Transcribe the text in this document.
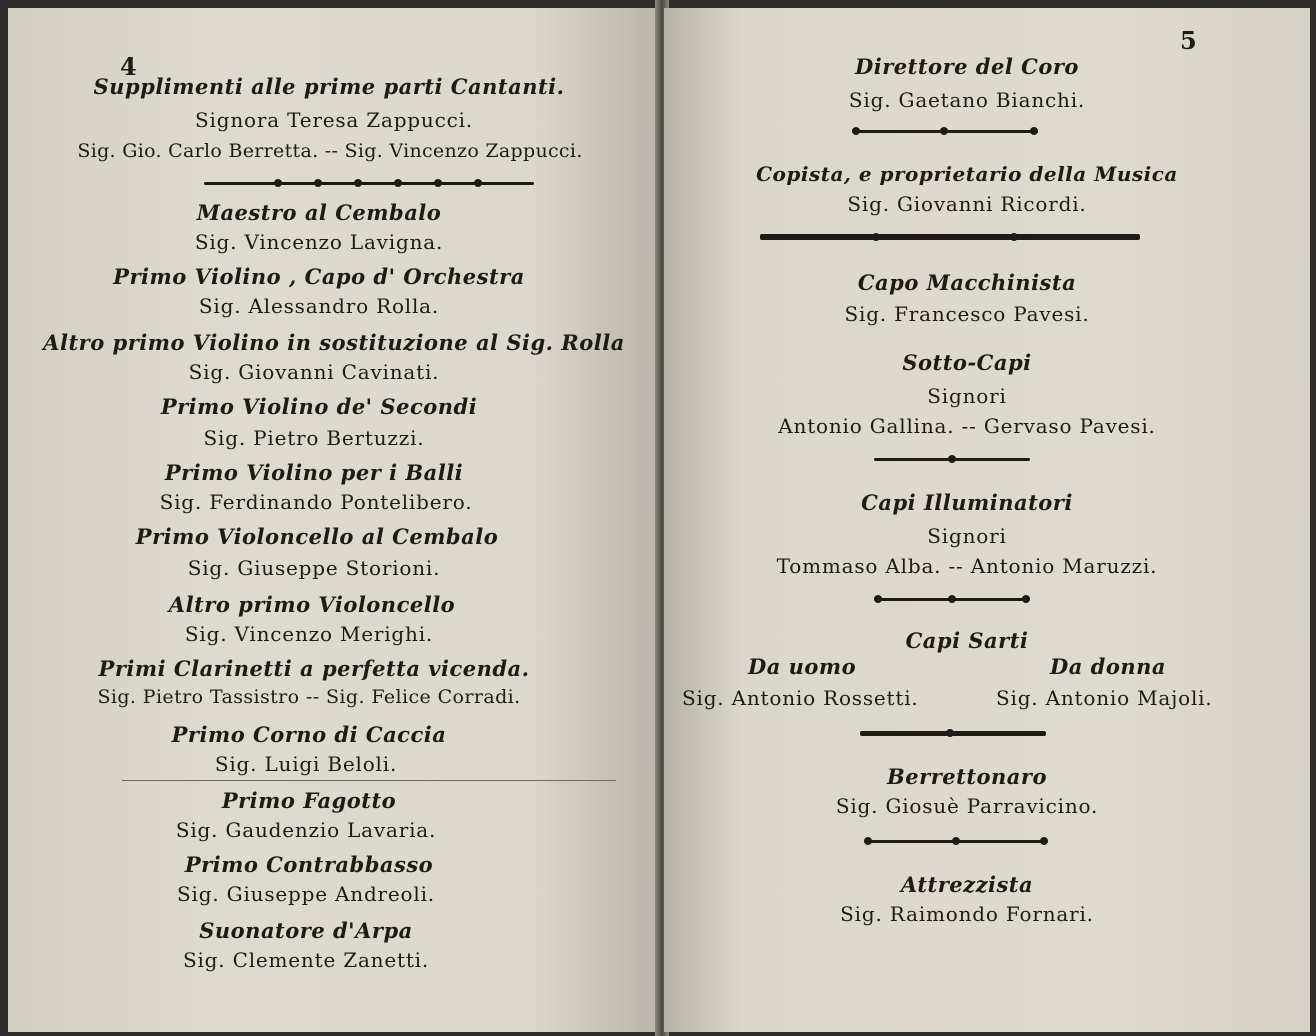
4
Supplimenti alle prime parti Cantanti.
Signora Teresa Zappucci.
Sig. Gio. Carlo Berretta. -- Sig. Vincenzo Zappucci.
Maestro al Cembalo
Sig. Vincenzo Lavigna.
Primo Violino , Capo d' Orchestra
Sig. Alessandro Rolla.
Altro primo Violino in sostituzione al Sig. Rolla
Sig. Giovanni Cavinati.
Primo Violino de' Secondi
Sig. Pietro Bertuzzi.
Primo Violino per i Balli
Sig. Ferdinando Pontelibero.
Primo Violoncello al Cembalo
Sig. Giuseppe Storioni.
Altro primo Violoncello
Sig. Vincenzo Merighi.
Primi Clarinetti a perfetta vicenda.
Sig. Pietro Tassistro -- Sig. Felice Corradi.
Primo Corno di Caccia
Sig. Luigi Beloli.
Primo Fagotto
Sig. Gaudenzio Lavaria.
Primo Contrabbasso
Sig. Giuseppe Andreoli.
Suonatore d'Arpa
Sig. Clemente Zanetti.
5
Direttore del Coro
Sig. Gaetano Bianchi.
Copista, e proprietario della Musica
Sig. Giovanni Ricordi.
Capo Macchinista
Sig. Francesco Pavesi.
Sotto-Capi
Signori
Antonio Gallina. -- Gervaso Pavesi.
Capi Illuminatori
Signori
Tommaso Alba. -- Antonio Maruzzi.
Capi Sarti
Da uomo	Da donna
Sig. Antonio Rossetti.	Sig. Antonio Majoli.
Berrettonaro
Sig. Giosuè Parravicino.
Attrezzista
Sig. Raimondo Fornari.
